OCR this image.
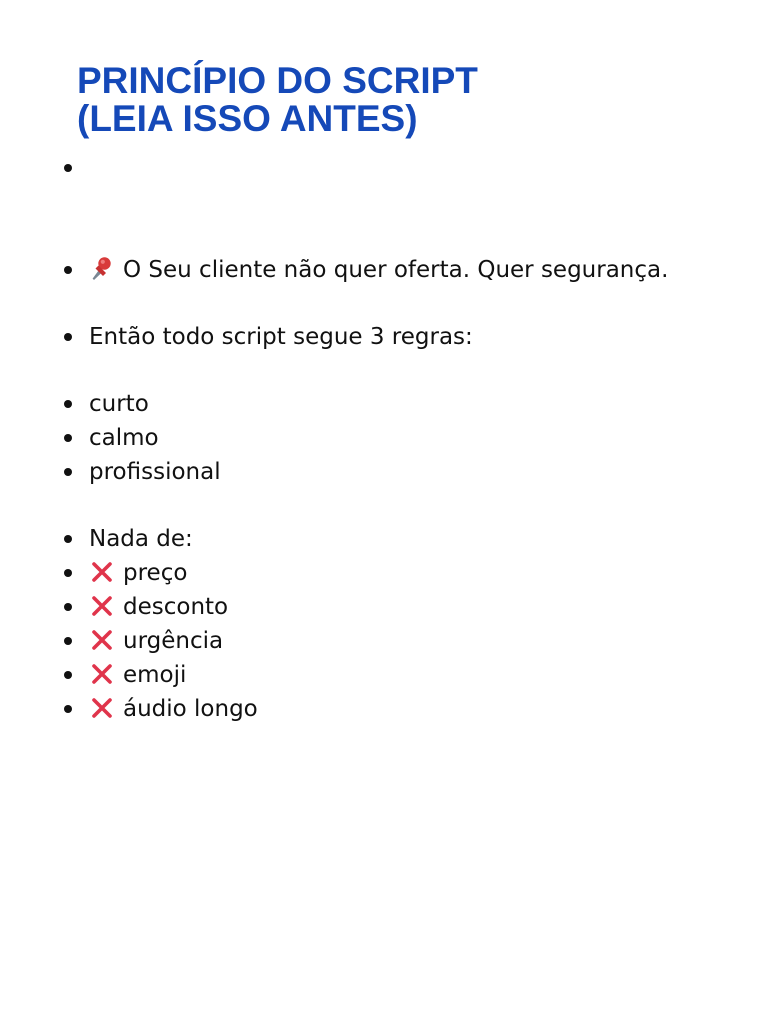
PRINCÍPIO DO SCRIPT (LEIA ISSO ANTES)
O Seu cliente não quer oferta. Quer segurança.
Então todo script segue 3 regras:
curto
calmo
profissional
Nada de:
preço
desconto
urgência
emoji
áudio longo
